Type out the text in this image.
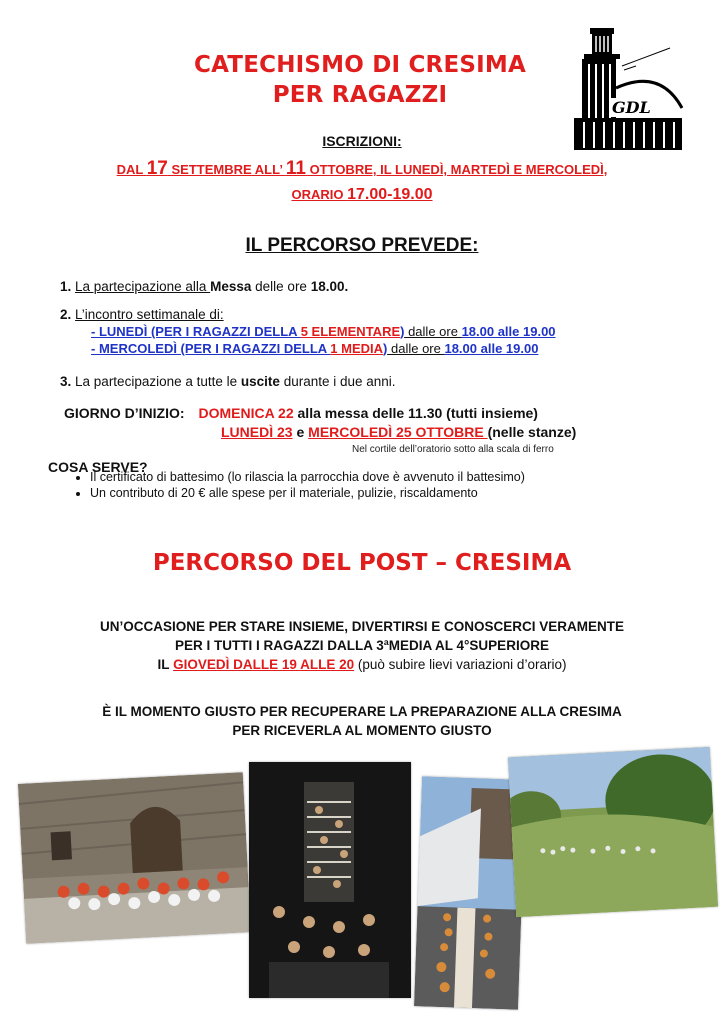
CATECHISMO DI CRESIMA
PER RAGAZZI	GDL
ISCRIZIONI:
DAL 17 SETTEMBRE ALL’ 11 OTTOBRE, IL LUNEDÌ, MARTEDÌ E MERCOLEDÌ,
ORARIO 17.00-19.00
IL PERCORSO PREVEDE:
1. La partecipazione alla Messa delle ore 18.00.
2. L’incontro settimanale di:
- LUNEDÌ (PER I RAGAZZI DELLA 5 ELEMENTARE) dalle ore 18.00 alle 19.00
- MERCOLEDÌ (PER I RAGAZZI DELLA 1 MEDIA) dalle ore 18.00 alle 19.00
3. La partecipazione a tutte le uscite durante i due anni.
GIORNO D’INIZIO: DOMENICA 22 alla messa delle 11.30 (tutti insieme)
LUNEDÌ 23 e MERCOLEDÌ 25 OTTOBRE (nelle stanze)
Nel cortile dell’oratorio sotto alla scala di ferro
COSA SERVE?
• Il certificato di battesimo (lo rilascia la parrocchia dove è avvenuto il battesimo)
• Un contributo di 20 € alle spese per il materiale, pulizie, riscaldamento
PERCORSO DEL POST – CRESIMA
UN’OCCASIONE PER STARE INSIEME, DIVERTIRSI E CONOSCERCI VERAMENTE
PER I TUTTI I RAGAZZI DALLA 3ªMEDIA AL 4°SUPERIORE
IL GIOVEDÌ DALLE 19 ALLE 20 (può subire lievi variazioni d’orario)
È IL MOMENTO GIUSTO PER RECUPERARE LA PREPARAZIONE ALLA CRESIMA
PER RICEVERLA AL MOMENTO GIUSTO
